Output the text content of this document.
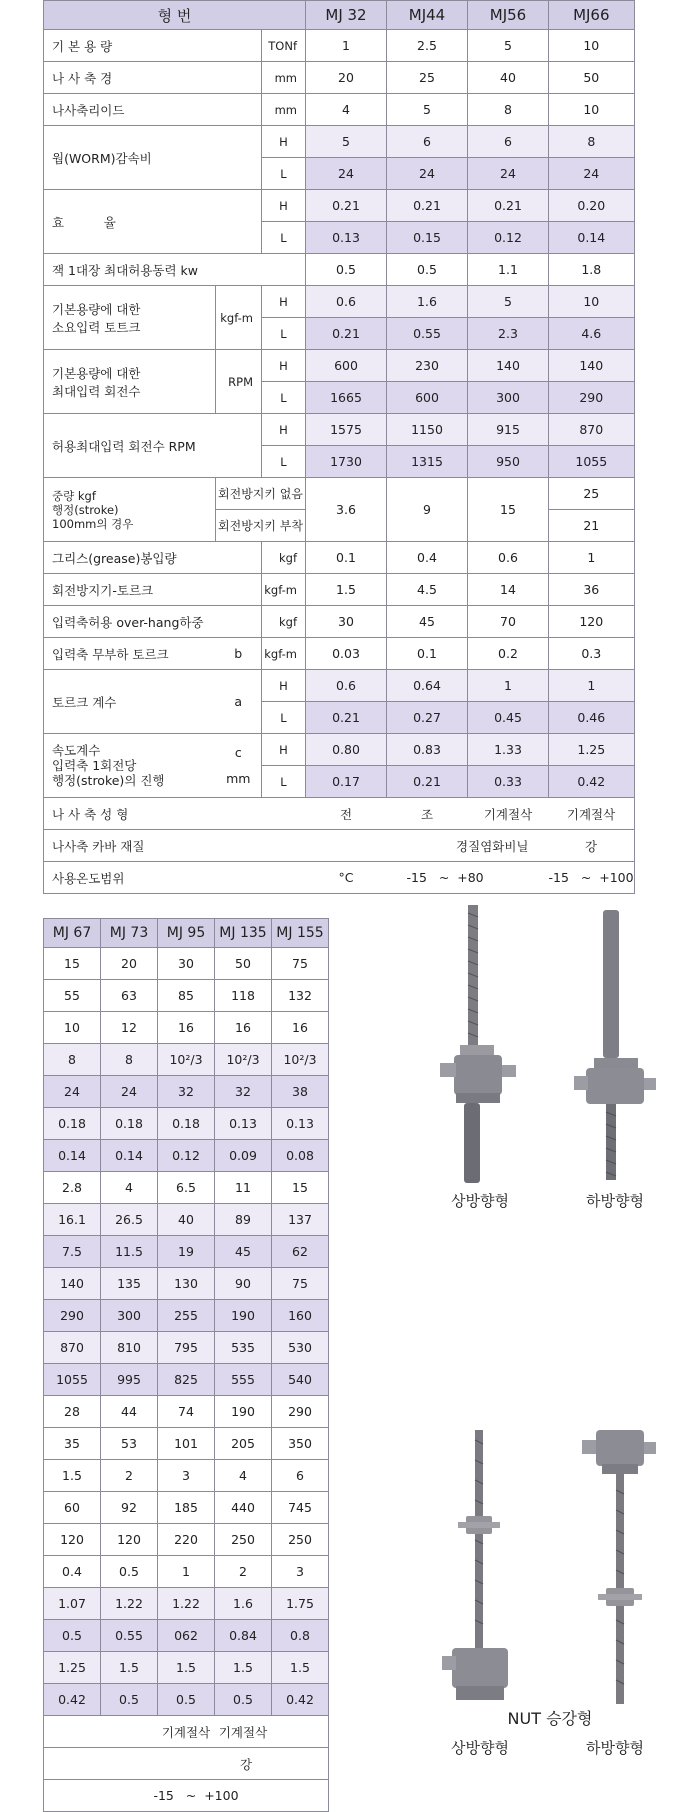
형 번			MJ 32	MJ44	MJ56	MJ66
기 본 용 량		TONf	1	2.5	5	10
나 사 축 경		mm	20	25	40	50
나사축리이드		mm	4	5	8	10
웜(WORM)감속비		H	5	6	6	8
		L	24	24	24	24
효          율		H	0.21	0.21	0.21	0.20
		L	0.13	0.15	0.12	0.14
잭 1대장 최대허용동력 kw			0.5	0.5	1.1	1.8

기본용량에 대한
소요입력 토트크	kgf-m	H	0.6	1.6	5	10
		L	0.21	0.55	2.3	4.6

기본용량에 대한
최대입력 회전수	RPM	H	600	230	140	140
		L	1665	600	300	290
허용최대입력 회전수 RPM		H	1575	1150	915	870
		L	1730	1315	950	1055

중량 kgf
행정(stroke)
100mm의 경우	회전방지키 없음		3.6	9	15	25
	회전방지키 부착					21
그리스(grease)봉입량		kgf	0.1	0.4	0.6	1
회전방지기-토르크		kgf-m	1.5	4.5	14	36
입력축허용 over-hang하중		kgf	30	45	70	120
입력축 무부하 토르크	b	kgf-m	0.03	0.1	0.2	0.3
토르크 계수	a	H	0.6	0.64	1	1
		L	0.21	0.27	0.45	0.46

속도계수
입력축 1회전당
행정(stroke)의 진행	c
mm	H	0.80	0.83	1.33	1.25
		L	0.17	0.21	0.33	0.42
나 사 축 성 형			전	조	기계절삭	기계절삭
나사축 카바 재질			경질염화비닐			강
사용온도범위			°C	-15   ~  +80		-15   ~  +100
MJ 67	MJ 73	MJ 95	MJ 135	MJ 155
15	20	30	50	75
55	63	85	118	132
10	12	16	16	16
8	8	10²/3	10²/3	10²/3
24	24	32	32	38
0.18	0.18	0.18	0.13	0.13
0.14	0.14	0.12	0.09	0.08
2.8	4	6.5	11	15
16.1	26.5	40	89	137
7.5	11.5	19	45	62
140	135	130	90	75
290	300	255	190	160
870	810	795	535	530
1055	995	825	555	540
28	44	74	190	290
35	53	101	205	350
1.5	2	3	4	6
60	92	185	440	745
120	120	220	250	250
0.4	0.5	1	2	3
1.07	1.22	1.22	1.6	1.75
0.5	0.55	062	0.84	0.8
1.25	1.5	1.5	1.5	1.5
0.42	0.5	0.5	0.5	0.42
		기계절삭	기계절삭	
강				
-15   ~  +100				
상방향형	하방향형
NUT 승강형
상방향형	하방향형
